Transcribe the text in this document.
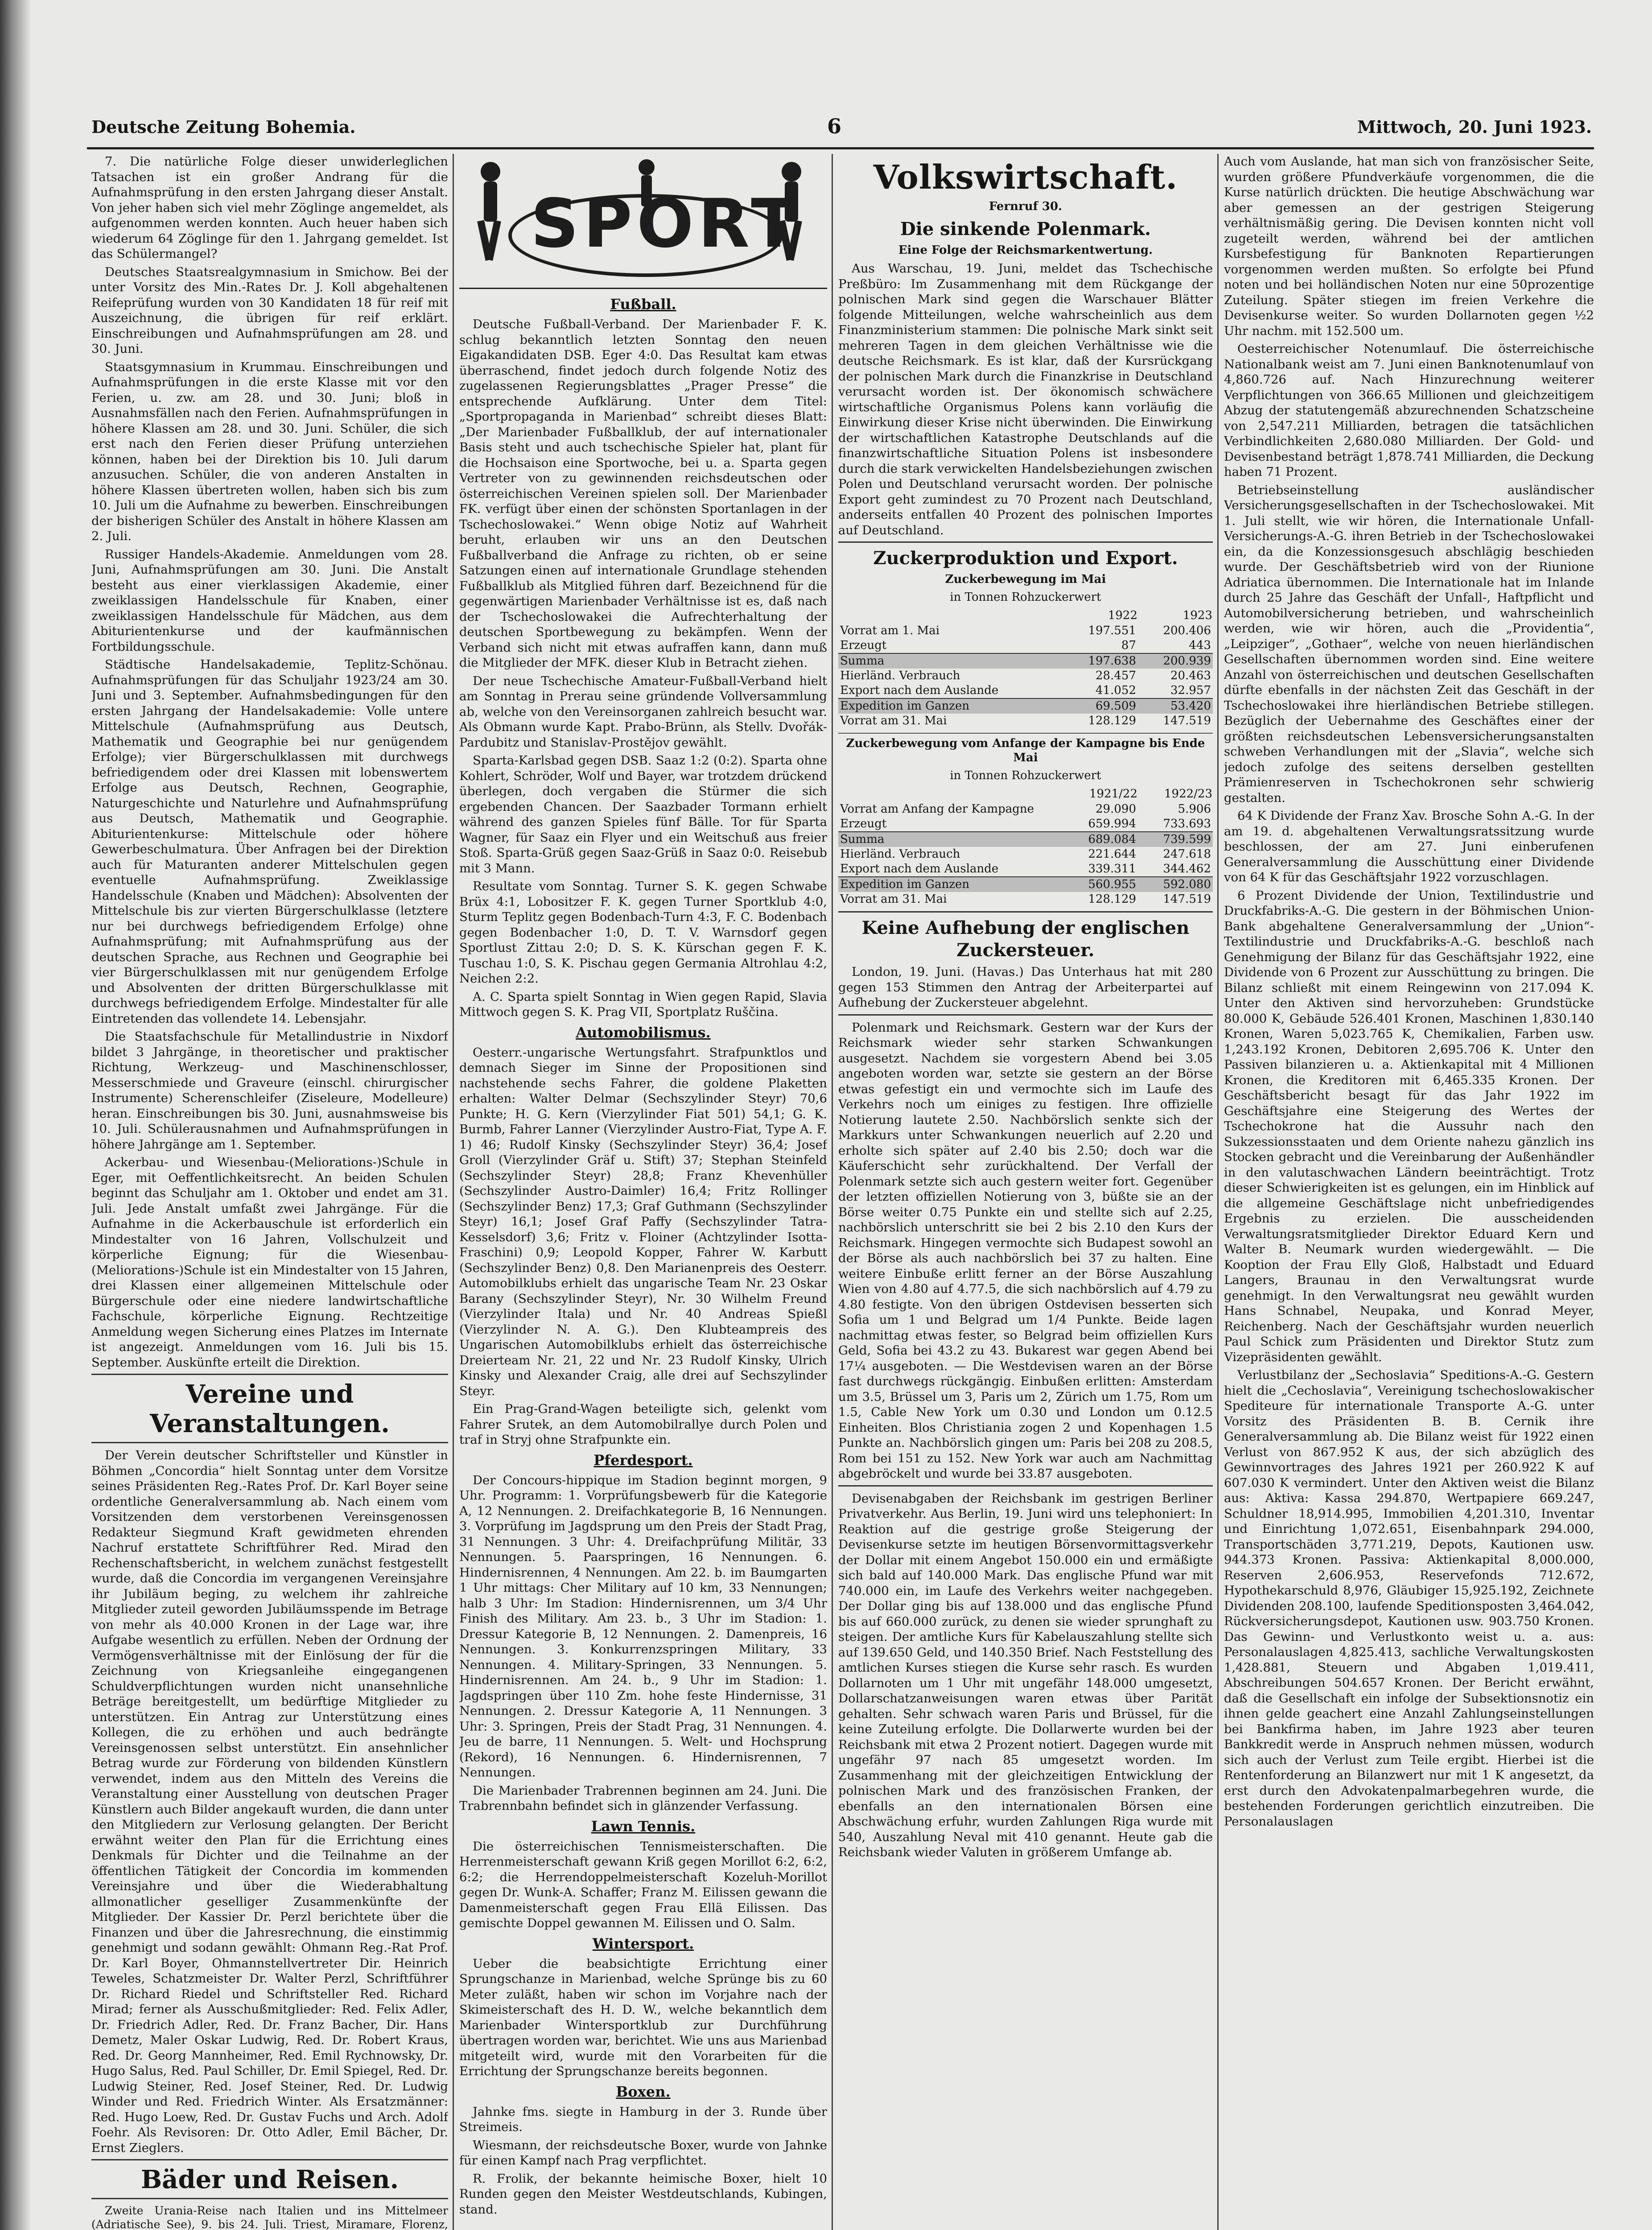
Deutsche Zeitung Bohemia.	6	Mittwoch, 20. Juni 1923.

7. Die natürliche Folge dieser unwiderleglichen Tatsachen ist ein großer Andrang für die Aufnahmsprüfung in den ersten Jahrgang dieser Anstalt. Von jeher haben sich viel mehr Zöglinge angemeldet, als aufgenommen werden konnten. Auch heuer haben sich wiederum 64 Zöglinge für den 1. Jahrgang gemeldet. Ist das Schülermangel?

Deutsches Staatsrealgymnasium in Smichow. Bei der unter Vorsitz des Min.-Rates Dr. J. Koll abgehaltenen Reifeprüfung wurden von 30 Kandidaten 18 für reif mit Auszeichnung, die übrigen für reif erklärt. Einschreibungen und Aufnahmsprüfungen am 28. und 30. Juni.

Staatsgymnasium in Krummau. Einschreibungen und Aufnahmsprüfungen in die erste Klasse mit vor den Ferien, u. zw. am 28. und 30. Juni; bloß in Ausnahmsfällen nach den Ferien. Aufnahmsprüfungen in höhere Klassen am 28. und 30. Juni. Schüler, die sich erst nach den Ferien dieser Prüfung unterziehen können, haben bei der Direktion bis 10. Juli darum anzusuchen. Schüler, die von anderen Anstalten in höhere Klassen übertreten wollen, haben sich bis zum 10. Juli um die Aufnahme zu bewerben. Einschreibungen der bisherigen Schüler des Anstalt in höhere Klassen am 2. Juli.

Russiger Handels-Akademie. Anmeldungen vom 28. Juni, Aufnahmsprüfungen am 30. Juni. Die Anstalt besteht aus einer vierklassigen Akademie, einer zweiklassigen Handelsschule für Knaben, einer zweiklassigen Handelsschule für Mädchen, aus dem Abiturientenkurse und der kaufmännischen Fortbildungsschule.

Städtische Handelsakademie, Teplitz-Schönau. Aufnahmsprüfungen für das Schuljahr 1923/24 am 30. Juni und 3. September. Aufnahmsbedingungen für den ersten Jahrgang der Handelsakademie: Volle untere Mittelschule (Aufnahmsprüfung aus Deutsch, Mathematik und Geographie bei nur genügendem Erfolge); vier Bürgerschulklassen mit durchwegs befriedigendem oder drei Klassen mit lobenswertem Erfolge aus Deutsch, Rechnen, Geographie, Naturgeschichte und Naturlehre und Aufnahmsprüfung aus Deutsch, Mathematik und Geographie. Abiturientenkurse: Mittelschule oder höhere Gewerbeschulmatura. Über Anfragen bei der Direktion auch für Maturanten anderer Mittelschulen gegen eventuelle Aufnahmsprüfung. Zweiklassige Handelsschule (Knaben und Mädchen): Absolventen der Mittelschule bis zur vierten Bürgerschulklasse (letztere nur bei durchwegs befriedigendem Erfolge) ohne Aufnahmsprüfung; mit Aufnahmsprüfung aus der deutschen Sprache, aus Rechnen und Geographie bei vier Bürgerschulklassen mit nur genügendem Erfolge und Absolventen der dritten Bürgerschulklasse mit durchwegs befriedigendem Erfolge. Mindestalter für alle Eintretenden das vollendete 14. Lebensjahr.

Die Staatsfachschule für Metallindustrie in Nixdorf bildet 3 Jahrgänge, in theoretischer und praktischer Richtung, Werkzeug- und Maschinenschlosser, Messerschmiede und Graveure (einschl. chirurgischer Instrumente) Scherenschleifer (Ziseleure, Modelleure) heran. Einschreibungen bis 30. Juni, ausnahmsweise bis 10. Juli. Schülerausnahmen und Aufnahmsprüfungen in höhere Jahrgänge am 1. September.

Ackerbau- und Wiesenbau-(Meliorations-)Schule in Eger, mit Oeffentlichkeitsrecht. An beiden Schulen beginnt das Schuljahr am 1. Oktober und endet am 31. Juli. Jede Anstalt umfaßt zwei Jahrgänge. Für die Aufnahme in die Ackerbauschule ist erforderlich ein Mindestalter von 16 Jahren, Vollschulzeit und körperliche Eignung; für die Wiesenbau-(Meliorations-)Schule ist ein Mindestalter von 15 Jahren, drei Klassen einer allgemeinen Mittelschule oder Bürgerschule oder eine niedere landwirtschaftliche Fachschule, körperliche Eignung. Rechtzeitige Anmeldung wegen Sicherung eines Platzes im Internate ist angezeigt. Anmeldungen vom 16. Juli bis 15. September. Auskünfte erteilt die Direktion.

Vereine und Veranstaltungen.

Der Verein deutscher Schriftsteller und Künstler in Böhmen „Concordia“ hielt Sonntag unter dem Vorsitze seines Präsidenten Reg.-Rates Prof. Dr. Karl Boyer seine ordentliche Generalversammlung ab. Nach einem vom Vorsitzenden dem verstorbenen Vereinsgenossen Redakteur Siegmund Kraft gewidmeten ehrenden Nachruf erstattete Schriftführer Red. Mirad den Rechenschaftsbericht, in welchem zunächst festgestellt wurde, daß die Concordia im vergangenen Vereinsjahre ihr Jubiläum beging, zu welchem ihr zahlreiche Mitglieder zuteil geworden Jubiläumsspende im Betrage von mehr als 40.000 Kronen in der Lage war, ihre Aufgabe wesentlich zu erfüllen. Neben der Ordnung der Vermögensverhältnisse mit der Einlösung der für die Zeichnung von Kriegsanleihe eingegangenen Schuldverpflichtungen wurden nicht unansehnliche Beträge bereitgestellt, um bedürftige Mitglieder zu unterstützen. Ein Antrag zur Unterstützung eines Kollegen, die zu erhöhen und auch bedrängte Vereinsgenossen selbst unterstützt. Ein ansehnlicher Betrag wurde zur Förderung von bildenden Künstlern verwendet, indem aus den Mitteln des Vereins die Veranstaltung einer Ausstellung von deutschen Prager Künstlern auch Bilder angekauft wurden, die dann unter den Mitgliedern zur Verlosung gelangten. Der Bericht erwähnt weiter den Plan für die Errichtung eines Denkmals für Dichter und die Teilnahme an der öffentlichen Tätigkeit der Concordia im kommenden Vereinsjahre und über die Wiederabhaltung allmonatlicher geselliger Zusammenkünfte der Mitglieder. Der Kassier Dr. Perzl berichtete über die Finanzen und über die Jahresrechnung, die einstimmig genehmigt und sodann gewählt: Ohmann Reg.-Rat Prof. Dr. Karl Boyer, Ohmannstellvertreter Dir. Heinrich Teweles, Schatzmeister Dr. Walter Perzl, Schriftführer Dr. Richard Riedel und Schriftsteller Red. Richard Mirad; ferner als Ausschußmitglieder: Red. Felix Adler, Dr. Friedrich Adler, Red. Dr. Franz Bacher, Dir. Hans Demetz, Maler Oskar Ludwig, Red. Dr. Robert Kraus, Red. Dr. Georg Mannheimer, Red. Emil Rychnowsky, Dr. Hugo Salus, Red. Paul Schiller, Dr. Emil Spiegel, Red. Dr. Ludwig Steiner, Red. Josef Steiner, Red. Dr. Ludwig Winder und Red. Friedrich Winter. Als Ersatzmänner: Red. Hugo Loew, Red. Dr. Gustav Fuchs und Arch. Adolf Foehr. Als Revisoren: Dr. Otto Adler, Emil Bächer, Dr. Ernst Zieglers.

Bäder und Reisen.

Zweite Urania-Reise nach Italien und ins Mittelmeer (Adriatische See), 9. bis 24. Juli. Triest, Miramare, Florenz,

SPORT
Fußball.

Deutsche Fußball-Verband. Der Marienbader F. K. schlug bekanntlich letzten Sonntag den neuen Eigakandidaten DSB. Eger 4:0. Das Resultat kam etwas überraschend, findet jedoch durch folgende Notiz des zugelassenen Regierungsblattes „Prager Presse“ die entsprechende Aufklärung. Unter dem Titel: „Sportpropaganda in Marienbad“ schreibt dieses Blatt: „Der Marienbader Fußballklub, der auf internationaler Basis steht und auch tschechische Spieler hat, plant für die Hochsaison eine Sportwoche, bei u. a. Sparta gegen Vertreter von zu gewinnenden reichsdeutschen oder österreichischen Vereinen spielen soll. Der Marienbader FK. verfügt über einen der schönsten Sportanlagen in der Tschechoslowakei.“ Wenn obige Notiz auf Wahrheit beruht, erlauben wir uns an den Deutschen Fußballverband die Anfrage zu richten, ob er seine Satzungen einen auf internationale Grundlage stehenden Fußballklub als Mitglied führen darf. Bezeichnend für die gegenwärtigen Marienbader Verhältnisse ist es, daß nach der Tschechoslowakei die Aufrechterhaltung der deutschen Sportbewegung zu bekämpfen. Wenn der Verband sich nicht mit etwas aufraffen kann, dann muß die Mitglieder der MFK. dieser Klub in Betracht ziehen.

Der neue Tschechische Amateur-Fußball-Verband hielt am Sonntag in Prerau seine gründende Vollversammlung ab, welche von den Vereinsorganen zahlreich besucht war. Als Obmann wurde Kapt. Prabo-Brünn, als Stellv. Dvořák-Pardubitz und Stanislav-Prostějov gewählt.

Sparta-Karlsbad gegen DSB. Saaz 1:2 (0:2). Sparta ohne Kohlert, Schröder, Wolf und Bayer, war trotzdem drückend überlegen, doch vergaben die Stürmer die sich ergebenden Chancen. Der Saazbader Tormann erhielt während des ganzen Spieles fünf Bälle. Tor für Sparta Wagner, für Saaz ein Flyer und ein Weitschuß aus freier Stoß. Sparta-Grüß gegen Saaz-Grüß in Saaz 0:0. Reisebub mit 3 Mann.

Resultate vom Sonntag. Turner S. K. gegen Schwabe Brüx 4:1, Lobositzer F. K. gegen Turner Sportklub 4:0, Sturm Teplitz gegen Bodenbach-Turn 4:3, F. C. Bodenbach gegen Bodenbacher 1:0, D. T. V. Warnsdorf gegen Sportlust Zittau 2:0; D. S. K. Kürschan gegen F. K. Tuschau 1:0, S. K. Pischau gegen Germania Altrohlau 4:2, Neichen 2:2.

A. C. Sparta spielt Sonntag in Wien gegen Rapid, Slavia Mittwoch gegen S. K. Prag VII, Sportplatz Ruščina.

Automobilismus.

Oesterr.-ungarische Wertungsfahrt. Strafpunktlos und demnach Sieger im Sinne der Propositionen sind nachstehende sechs Fahrer, die goldene Plaketten erhalten: Walter Delmar (Sechszylinder Steyr) 70,6 Punkte; H. G. Kern (Vierzylinder Fiat 501) 54,1; G. K. Burmb, Fahrer Lanner (Vierzylinder Austro-Fiat, Type A. F. 1) 46; Rudolf Kinsky (Sechszylinder Steyr) 36,4; Josef Groll (Vierzylinder Gräf u. Stift) 37; Stephan Steinfeld (Sechszylinder Steyr) 28,8; Franz Khevenhüller (Sechszylinder Austro-Daimler) 16,4; Fritz Rollinger (Sechszylinder Benz) 17,3; Graf Guthmann (Sechszylinder Steyr) 16,1; Josef Graf Paffy (Sechszylinder Tatra-Kesselsdorf) 3,6; Fritz v. Floiner (Achtzylinder Isotta-Fraschini) 0,9; Leopold Kopper, Fahrer W. Karbutt (Sechszylinder Benz) 0,8. Den Marianenpreis des Oesterr. Automobilklubs erhielt das ungarische Team Nr. 23 Oskar Barany (Sechszylinder Steyr), Nr. 30 Wilhelm Freund (Vierzylinder Itala) und Nr. 40 Andreas Spießl (Vierzylinder N. A. G.). Den Klubteampreis des Ungarischen Automobilklubs erhielt das österreichische Dreierteam Nr. 21, 22 und Nr. 23 Rudolf Kinsky, Ulrich Kinsky und Alexander Craig, alle drei auf Sechszylinder Steyr.

Ein Prag-Grand-Wagen beteiligte sich, gelenkt vom Fahrer Srutek, an dem Automobilrallye durch Polen und traf in Stryj ohne Strafpunkte ein.

Pferdesport.

Der Concours-hippique im Stadion beginnt morgen, 9 Uhr. Programm: 1. Vorprüfungsbewerb für die Kategorie A, 12 Nennungen. 2. Dreifachkategorie B, 16 Nennungen. 3. Vorprüfung im Jagdsprung um den Preis der Stadt Prag, 31 Nennungen. 3 Uhr: 4. Dreifachprüfung Militär, 33 Nennungen. 5. Paarspringen, 16 Nennungen. 6. Hindernisrennen, 4 Nennungen. Am 22. b. im Baumgarten 1 Uhr mittags: Cher Military auf 10 km, 33 Nennungen; halb 3 Uhr: Im Stadion: Hindernisrennen, um 3/4 Uhr Finish des Military. Am 23. b., 3 Uhr im Stadion: 1. Dressur Kategorie B, 12 Nennungen. 2. Damenpreis, 16 Nennungen. 3. Konkurrenzspringen Military, 33 Nennungen. 4. Military-Springen, 33 Nennungen. 5. Hindernisrennen. Am 24. b., 9 Uhr im Stadion: 1. Jagdspringen über 110 Zm. hohe feste Hindernisse, 31 Nennungen. 2. Dressur Kategorie A, 11 Nennungen. 3 Uhr: 3. Springen, Preis der Stadt Prag, 31 Nennungen. 4. Jeu de barre, 11 Nennungen. 5. Welt- und Hochsprung (Rekord), 16 Nennungen. 6. Hindernisrennen, 7 Nennungen.

Die Marienbader Trabrennen beginnen am 24. Juni. Die Trabrennbahn befindet sich in glänzender Verfassung.

Lawn Tennis.

Die österreichischen Tennismeisterschaften. Die Herrenmeisterschaft gewann Kriß gegen Morillot 6:2, 6:2, 6:2; die Herrendoppelmeisterschaft Kozeluh-Morillot gegen Dr. Wunk-A. Schaffer; Franz M. Eilissen gewann die Damenmeisterschaft gegen Frau Ellä Eilissen. Das gemischte Doppel gewannen M. Eilissen und O. Salm.

Wintersport.

Ueber die beabsichtigte Errichtung einer Sprungschanze in Marienbad, welche Sprünge bis zu 60 Meter zuläßt, haben wir schon im Vorjahre nach der Skimeisterschaft des H. D. W., welche bekanntlich dem Marienbader Wintersportklub zur Durchführung übertragen worden war, berichtet. Wie uns aus Marienbad mitgeteilt wird, wurde mit den Vorarbeiten für die Errichtung der Sprungschanze bereits begonnen.

Boxen.

Jahnke fms. siegte in Hamburg in der 3. Runde über Streimeis.

Wiesmann, der reichsdeutsche Boxer, wurde von Jahnke für einen Kampf nach Prag verpflichtet.

R. Frolik, der bekannte heimische Boxer, hielt 10 Runden gegen den Meister Westdeutschlands, Kubingen, stand.

Volkswirtschaft.
Fernruf 30.
Die sinkende Polenmark.
Eine Folge der Reichsmarkentwertung.

Aus Warschau, 19. Juni, meldet das Tschechische Preßbüro: Im Zusammenhang mit dem Rückgange der polnischen Mark sind gegen die Warschauer Blätter folgende Mitteilungen, welche wahrscheinlich aus dem Finanzministerium stammen: Die polnische Mark sinkt seit mehreren Tagen in dem gleichen Verhältnisse wie die deutsche Reichsmark. Es ist klar, daß der Kursrückgang der polnischen Mark durch die Finanzkrise in Deutschland verursacht worden ist. Der ökonomisch schwächere wirtschaftliche Organismus Polens kann vorläufig die Einwirkung dieser Krise nicht überwinden. Die Einwirkung der wirtschaftlichen Katastrophe Deutschlands auf die finanzwirtschaftliche Situation Polens ist insbesondere durch die stark verwickelten Handelsbeziehungen zwischen Polen und Deutschland verursacht worden. Der polnische Export geht zumindest zu 70 Prozent nach Deutschland, anderseits entfallen 40 Prozent des polnischen Importes auf Deutschland.

Zuckerproduktion und Export.
Zuckerbewegung im Mai
in Tonnen Rohzuckerwert
	1922	1923
Vorrat am 1. Mai	197.551	200.406
Erzeugt	87	443
Summa	197.638	200.939
Hierländ. Verbrauch	28.457	20.463
Export nach dem Auslande	41.052	32.957
Expedition im Ganzen	69.509	53.420
Vorrat am 31. Mai	128.129	147.519
Zuckerbewegung vom Anfange der Kampagne bis Ende Mai
in Tonnen Rohzuckerwert
	1921/22	1922/23
Vorrat am Anfang der Kampagne	29.090	5.906
Erzeugt	659.994	733.693
Summa	689.084	739.599
Hierländ. Verbrauch	221.644	247.618
Export nach dem Auslande	339.311	344.462
Expedition im Ganzen	560.955	592.080
Vorrat am 31. Mai	128.129	147.519
Keine Aufhebung der englischen Zuckersteuer.

London, 19. Juni. (Havas.) Das Unterhaus hat mit 280 gegen 153 Stimmen den Antrag der Arbeiterpartei auf Aufhebung der Zuckersteuer abgelehnt.

Polenmark und Reichsmark. Gestern war der Kurs der Reichsmark wieder sehr starken Schwankungen ausgesetzt. Nachdem sie vorgestern Abend bei 3.05 angeboten worden war, setzte sie gestern an der Börse etwas gefestigt ein und vermochte sich im Laufe des Verkehrs noch um einiges zu festigen. Ihre offizielle Notierung lautete 2.50. Nachbörslich senkte sich der Markkurs unter Schwankungen neuerlich auf 2.20 und erholte sich später auf 2.40 bis 2.50; doch war die Käuferschicht sehr zurückhaltend. Der Verfall der Polenmark setzte sich auch gestern weiter fort. Gegenüber der letzten offiziellen Notierung von 3, büßte sie an der Börse weiter 0.75 Punkte ein und stellte sich auf 2.25, nachbörslich unterschritt sie bei 2 bis 2.10 den Kurs der Reichsmark. Hingegen vermochte sich Budapest sowohl an der Börse als auch nachbörslich bei 37 zu halten. Eine weitere Einbuße erlitt ferner an der Börse Auszahlung Wien von 4.80 auf 4.77.5, die sich nachbörslich auf 4.79 zu 4.80 festigte. Von den übrigen Ostdevisen besserten sich Sofia um 1 und Belgrad um 1/4 Punkte. Beide lagen nachmittag etwas fester, so Belgrad beim offiziellen Kurs Geld, Sofia bei 43.2 zu 43. Bukarest war gegen Abend bei 17¼ ausgeboten. — Die Westdevisen waren an der Börse fast durchwegs rückgängig. Einbußen erlitten: Amsterdam um 3.5, Brüssel um 3, Paris um 2, Zürich um 1.75, Rom um 1.5, Cable New York um 0.30 und London um 0.12.5 Einheiten. Blos Christiania zogen 2 und Kopenhagen 1.5 Punkte an. Nachbörslich gingen um: Paris bei 208 zu 208.5, Rom bei 151 zu 152. New York war auch am Nachmittag abgebröckelt und wurde bei 33.87 ausgeboten.

Devisenabgaben der Reichsbank im gestrigen Berliner Privatverkehr. Aus Berlin, 19. Juni wird uns telephoniert: In Reaktion auf die gestrige große Steigerung der Devisenkurse setzte im heutigen Börsenvormittagsverkehr der Dollar mit einem Angebot 150.000 ein und ermäßigte sich bald auf 140.000 Mark. Das englische Pfund war mit 740.000 ein, im Laufe des Verkehrs weiter nachgegeben. Der Dollar ging bis auf 138.000 und das englische Pfund bis auf 660.000 zurück, zu denen sie wieder sprunghaft zu steigen. Der amtliche Kurs für Kabelauszahlung stellte sich auf 139.650 Geld, und 140.350 Brief. Nach Feststellung des amtlichen Kurses stiegen die Kurse sehr rasch. Es wurden Dollarnoten um 1 Uhr mit ungefähr 148.000 umgesetzt, Dollarschatzanweisungen waren etwas über Parität gehalten. Sehr schwach waren Paris und Brüssel, für die keine Zuteilung erfolgte. Die Dollarwerte wurden bei der Reichsbank mit etwa 2 Prozent notiert. Dagegen wurde mit ungefähr 97 nach 85 umgesetzt worden. Im Zusammenhang mit der gleichzeitigen Entwicklung der polnischen Mark und des französischen Franken, der ebenfalls an den internationalen Börsen eine Abschwächung erfuhr, wurden Zahlungen Riga wurde mit 540, Auszahlung Neval mit 410 genannt. Heute gab die Reichsbank wieder Valuten in größerem Umfange ab.

Auch vom Auslande, hat man sich von französischer Seite, wurden größere Pfundverkäufe vorgenommen, die die Kurse natürlich drückten. Die heutige Abschwächung war aber gemessen an der gestrigen Steigerung verhältnismäßig gering. Die Devisen konnten nicht voll zugeteilt werden, während bei der amtlichen Kursbefestigung für Banknoten Repartierungen vorgenommen werden mußten. So erfolgte bei Pfund noten und bei holländischen Noten nur eine 50prozentige Zuteilung. Später stiegen im freien Verkehre die Devisenkurse weiter. So wurden Dollarnoten gegen ½2 Uhr nachm. mit 152.500 um.

Oesterreichischer Notenumlauf. Die österreichische Nationalbank weist am 7. Juni einen Banknotenumlauf von 4,860.726 auf. Nach Hinzurechnung weiterer Verpflichtungen von 366.65 Millionen und gleichzeitigem Abzug der statutengemäß abzurechnenden Schatzscheine von 2,547.211 Milliarden, betragen die tatsächlichen Verbindlichkeiten 2,680.080 Milliarden. Der Gold- und Devisenbestand beträgt 1,878.741 Milliarden, die Deckung haben 71 Prozent.

Betriebseinstellung ausländischer Versicherungsgesellschaften in der Tschechoslowakei. Mit 1. Juli stellt, wie wir hören, die Internationale Unfall-Versicherungs-A.-G. ihren Betrieb in der Tschechoslowakei ein, da die Konzessionsgesuch abschlägig beschieden wurde. Der Geschäftsbetrieb wird von der Riunione Adriatica übernommen. Die Internationale hat im Inlande durch 25 Jahre das Geschäft der Unfall-, Haftpflicht und Automobilversicherung betrieben, und wahrscheinlich werden, wie wir hören, auch die „Providentia“, „Leipziger“, „Gothaer“, welche von neuen hierländischen Gesellschaften übernommen worden sind. Eine weitere Anzahl von österreichischen und deutschen Gesellschaften dürfte ebenfalls in der nächsten Zeit das Geschäft in der Tschechoslowakei ihre hierländischen Betriebe stillegen. Bezüglich der Uebernahme des Geschäftes einer der größten reichsdeutschen Lebensversicherungsanstalten schweben Verhandlungen mit der „Slavia“, welche sich jedoch zufolge des seitens derselben gestellten Prämienreserven in Tschechokronen sehr schwierig gestalten.

64 K Dividende der Franz Xav. Brosche Sohn A.-G. In der am 19. d. abgehaltenen Verwaltungsratssitzung wurde beschlossen, der am 27. Juni einberufenen Generalversammlung die Ausschüttung einer Dividende von 64 K für das Geschäftsjahr 1922 vorzuschlagen.

6 Prozent Dividende der Union, Textilindustrie und Druckfabriks-A.-G. Die gestern in der Böhmischen Union-Bank abgehaltene Generalversammlung der „Union“-Textilindustrie und Druckfabriks-A.-G. beschloß nach Genehmigung der Bilanz für das Geschäftsjahr 1922, eine Dividende von 6 Prozent zur Ausschüttung zu bringen. Die Bilanz schließt mit einem Reingewinn von 217.094 K. Unter den Aktiven sind hervorzuheben: Grundstücke 80.000 K, Gebäude 526.401 Kronen, Maschinen 1,830.140 Kronen, Waren 5,023.765 K, Chemikalien, Farben usw. 1,243.192 Kronen, Debitoren 2,695.706 K. Unter den Passiven bilanzieren u. a. Aktienkapital mit 4 Millionen Kronen, die Kreditoren mit 6,465.335 Kronen. Der Geschäftsbericht besagt für das Jahr 1922 im Geschäftsjahre eine Steigerung des Wertes der Tschechokrone hat die Aussuhr nach den Sukzessionsstaaten und dem Oriente nahezu gänzlich ins Stocken gebracht und die Vereinbarung der Außenhändler in den valutaschwachen Ländern beeinträchtigt. Trotz dieser Schwierigkeiten ist es gelungen, ein im Hinblick auf die allgemeine Geschäftslage nicht unbefriedigendes Ergebnis zu erzielen. Die ausscheidenden Verwaltungsratsmitglieder Direktor Eduard Kern und Walter B. Neumark wurden wiedergewählt. — Die Kooption der Frau Elly Gloß, Halbstadt und Eduard Langers, Braunau in den Verwaltungsrat wurde genehmigt. In den Verwaltungsrat neu gewählt wurden Hans Schnabel, Neupaka, und Konrad Meyer, Reichenberg. Nach der Geschäftsjahr wurden neuerlich Paul Schick zum Präsidenten und Direktor Stutz zum Vizepräsidenten gewählt.

Verlustbilanz der „Sechoslavia“ Speditions-A.-G. Gestern hielt die „Cechoslavia“, Vereinigung tschechoslowakischer Spediteure für internationale Transporte A.-G. unter Vorsitz des Präsidenten B. B. Cernik ihre Generalversammlung ab. Die Bilanz weist für 1922 einen Verlust von 867.952 K aus, der sich abzüglich des Gewinnvortrages des Jahres 1921 per 260.922 K auf 607.030 K vermindert. Unter den Aktiven weist die Bilanz aus: Aktiva: Kassa 294.870, Wertpapiere 669.247, Schuldner 18,914.995, Immobilien 4,201.310, Inventar und Einrichtung 1,072.651, Eisenbahnpark 294.000, Transportschäden 3,771.219, Depots, Kautionen usw. 944.373 Kronen. Passiva: Aktienkapital 8,000.000, Reserven 2,606.953, Reservefonds 712.672, Hypothekarschuld 8,976, Gläubiger 15,925.192, Zeichnete Dividenden 208.100, laufende Speditionsposten 3,464.042, Rückversicherungsdepot, Kautionen usw. 903.750 Kronen. Das Gewinn- und Verlustkonto weist u. a. aus: Personalauslagen 4,825.413, sachliche Verwaltungskosten 1,428.881, Steuern und Abgaben 1,019.411, Abschreibungen 504.657 Kronen. Der Bericht erwähnt, daß die Gesellschaft ein infolge der Subsektionsnotiz ein ihnen gelde geachert eine Anzahl Zahlungseinstellungen bei Bankfirma haben, im Jahre 1923 aber teuren Bankkredit werde in Anspruch nehmen müssen, wodurch sich auch der Verlust zum Teile ergibt. Hierbei ist die Rentenforderung an Bilanzwert nur mit 1 K angesetzt, da erst durch den Advokatenpalmarbegehren wurde, die bestehenden Forderungen gerichtlich einzutreiben. Die Personalauslagen
